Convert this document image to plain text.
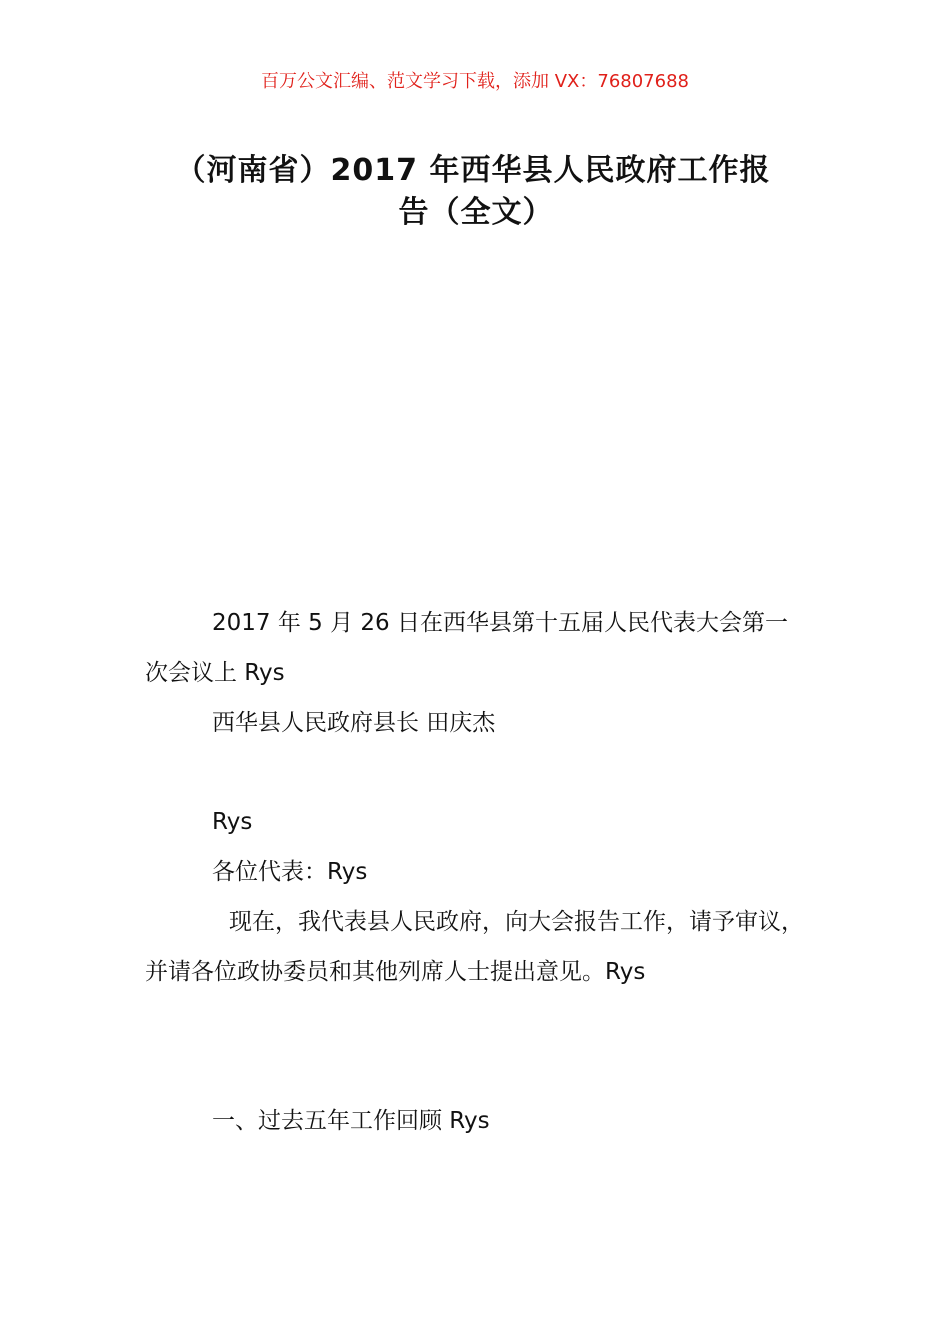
百万公文汇编、范文学习下载，添加 VX：76807688
（河南省）2017 年西华县人民政府工作报
告（全文）

2017 年 5 月 26 日在西华县第十五届人民代表大会第一次会议上 Rys

西华县人民政府县长 田庆杰

Rys

各位代表：Rys

现在，我代表县人民政府，向大会报告工作，请予审议，并请各位政协委员和其他列席人士提出意见。Rys

一、过去五年工作回顾 Rys
